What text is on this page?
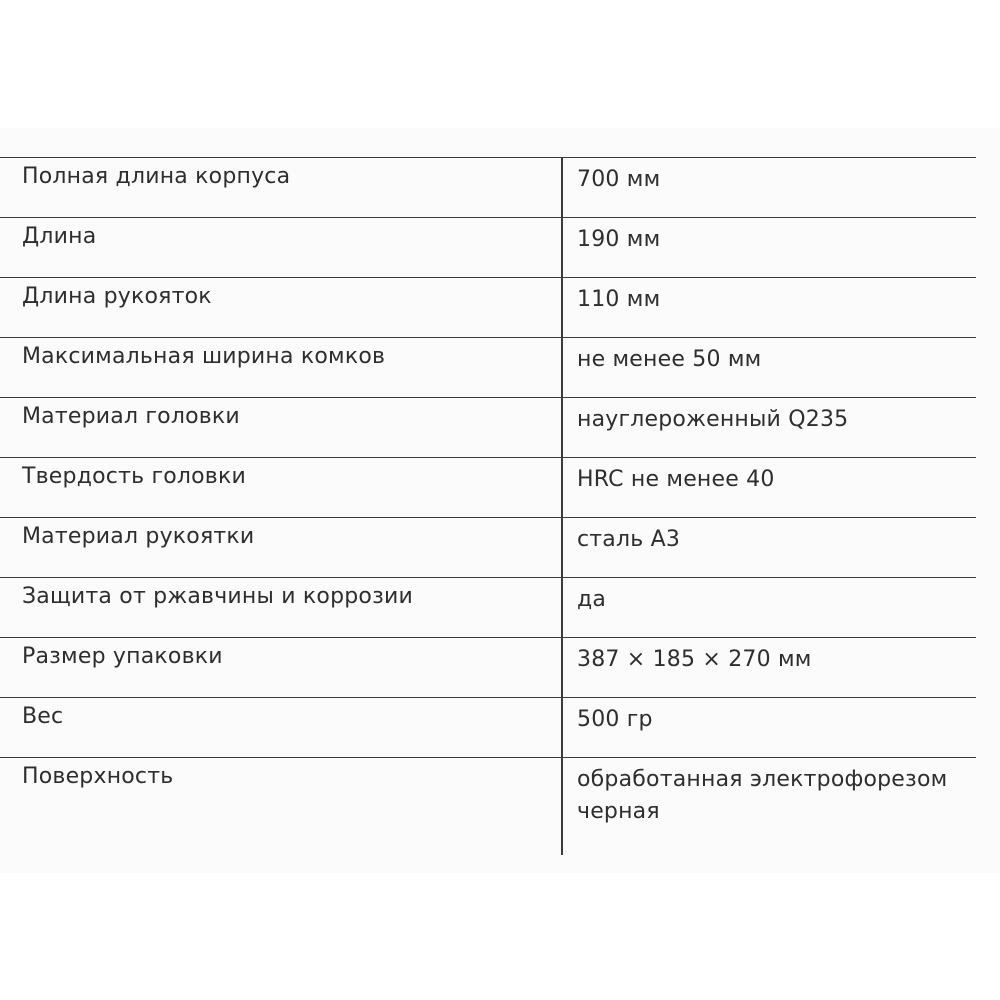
Полная длина корпуса	700 мм
Длина	190 мм
Длина рукояток	110 мм
Максимальная ширина комков	не менее 50 мм
Материал головки	науглероженный Q235
Твердость головки	HRC не менее 40
Материал рукоятки	сталь А3
Защита от ржавчины и коррозии	да
Размер упаковки	387 × 185 × 270 мм
Вес	500 гр
Поверхность	обработанная электрофорезом черная
